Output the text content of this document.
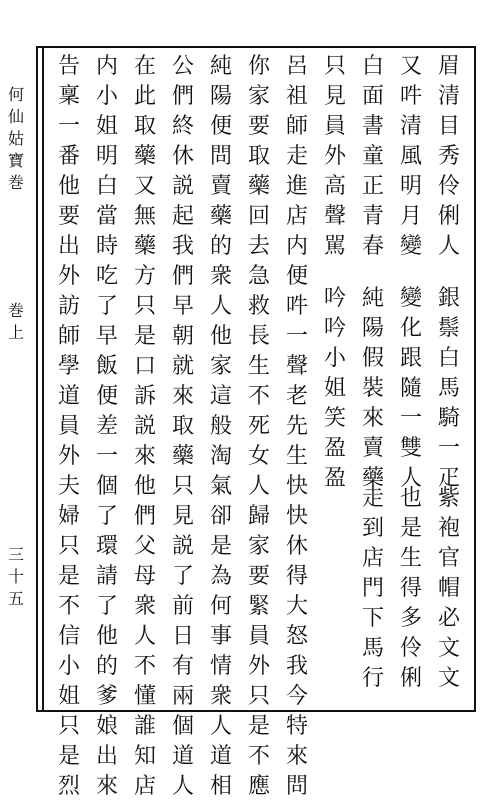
何
仙
姑
寶
巻
巻
上
三
十
五
眉
清
目
秀
伶
俐
人
銀
鬃
白
馬
騎
一
疋
紫
袍
官
帽
必
文
文
又
吽
清
風
明
月
變
變
化
跟
隨
一
雙
人
也
是
生
得
多
伶
俐
白
面
書
童
正
青
春
純
陽
假
裝
來
賣
藥
走
到
店
門
下
馬
行
只
見
員
外
高
聲
駡
吟
吟
小
姐
笑
盈
盈
呂
祖
師
走
進
店
内
便
吽
一
聲
老
先
生
快
快
休
得
大
怒
我
今
特
來
問
你
家
要
取
藥
回
去
急
救
長
生
不
死
女
人
歸
家
要
緊
員
外
只
是
不
應
純
陽
便
問
賣
藥
的
衆
人
他
家
這
般
淘
氣
卻
是
為
何
事
情
衆
人
道
相
公
們
終
休
説
起
我
們
早
朝
就
來
取
藥
只
見
説
了
前
日
有
兩
個
道
人
在
此
取
藥
又
無
藥
方
只
是
口
訴
説
來
他
們
父
母
衆
人
不
懂
誰
知
店
内
小
姐
明
白
當
時
吃
了
早
飯
便
差
一
個
了
環
請
了
他
的
爹
娘
出
來
告
稟
一
番
他
要
出
外
訪
師
學
道
員
外
夫
婦
只
是
不
信
小
姐
只
是
烈
